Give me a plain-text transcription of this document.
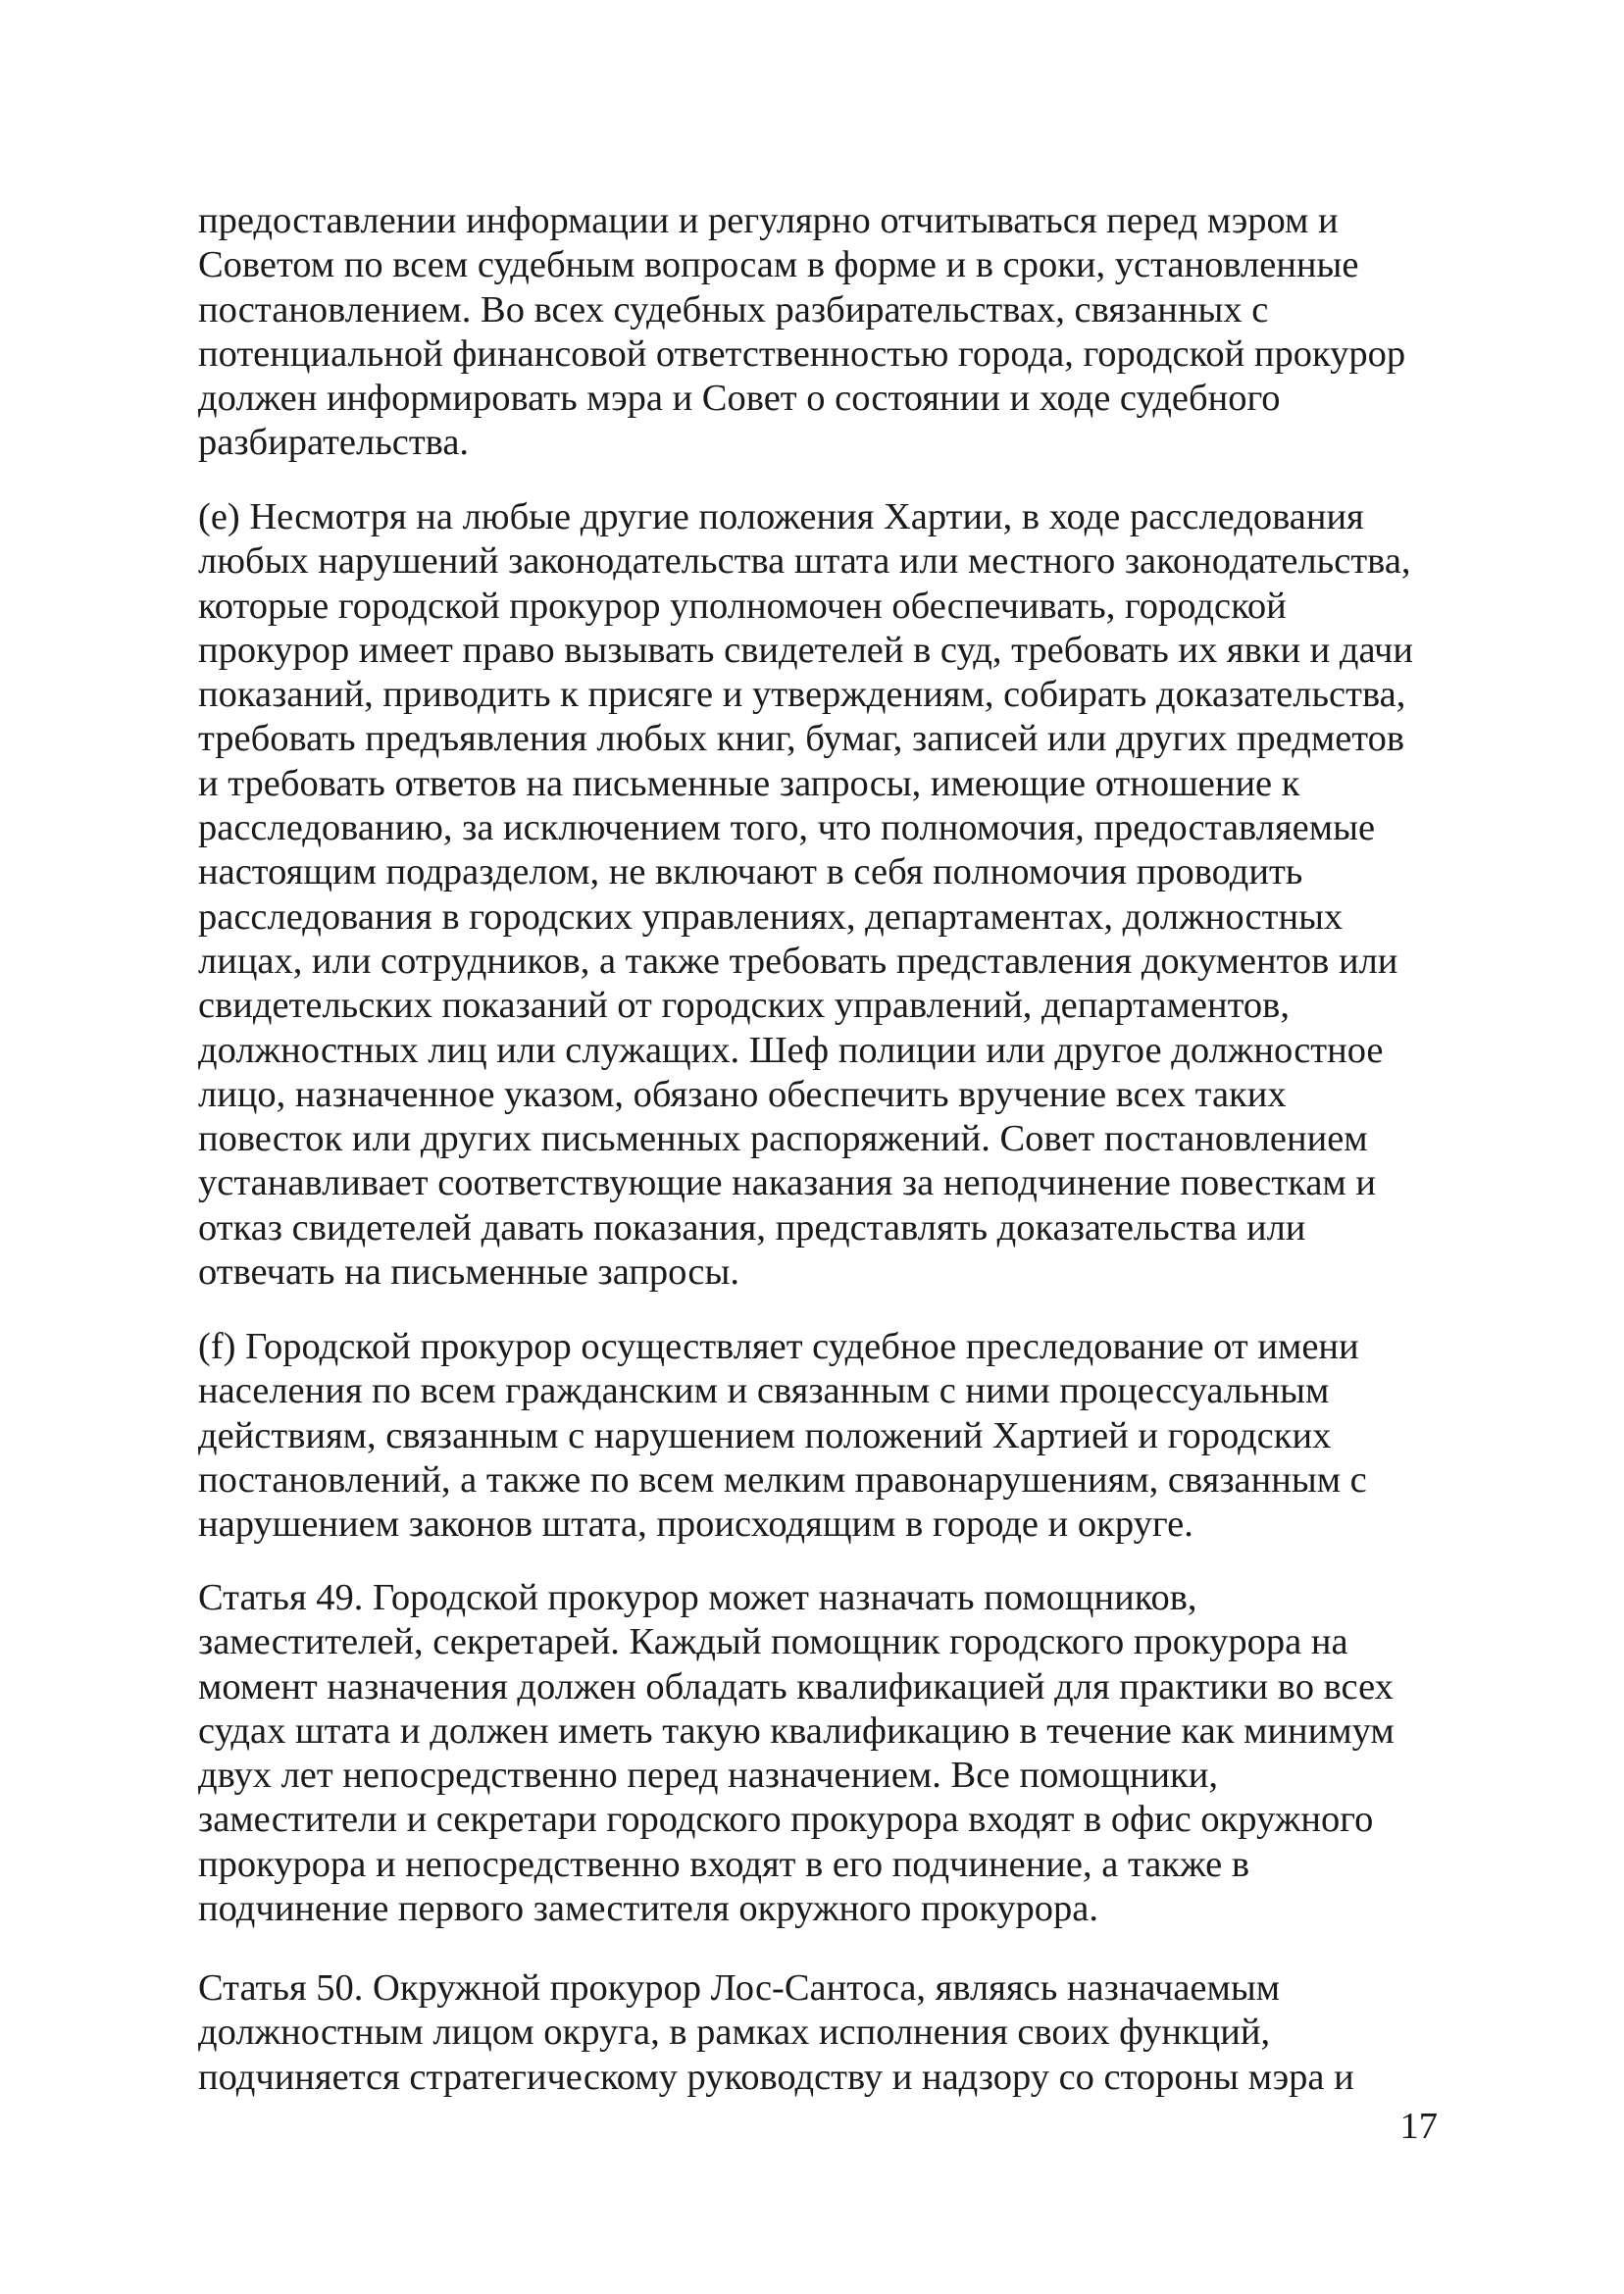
предоставлении информации и регулярно отчитываться перед мэром и
Советом по всем судебным вопросам в форме и в сроки, установленные
постановлением. Во всех судебных разбирательствах, связанных с
потенциальной финансовой ответственностью города, городской прокурор
должен информировать мэра и Совет о состоянии и ходе судебного
разбирательства.

(e) Несмотря на любые другие положения Хартии, в ходе расследования
любых нарушений законодательства штата или местного законодательства,
которые городской прокурор уполномочен обеспечивать, городской
прокурор имеет право вызывать свидетелей в суд, требовать их явки и дачи
показаний, приводить к присяге и утверждениям, собирать доказательства,
требовать предъявления любых книг, бумаг, записей или других предметов
и требовать ответов на письменные запросы, имеющие отношение к
расследованию, за исключением того, что полномочия, предоставляемые
настоящим подразделом, не включают в себя полномочия проводить
расследования в городских управлениях, департаментах, должностных
лицах, или сотрудников, а также требовать представления документов или
свидетельских показаний от городских управлений, департаментов,
должностных лиц или служащих. Шеф полиции или другое должностное
лицо, назначенное указом, обязано обеспечить вручение всех таких
повесток или других письменных распоряжений. Совет постановлением
устанавливает соответствующие наказания за неподчинение повесткам и
отказ свидетелей давать показания, представлять доказательства или
отвечать на письменные запросы.

(f) Городской прокурор осуществляет судебное преследование от имени
населения по всем гражданским и связанным с ними процессуальным
действиям, связанным с нарушением положений Хартией и городских
постановлений, а также по всем мелким правонарушениям, связанным с
нарушением законов штата, происходящим в городе и округе.

Статья 49. Городской прокурор может назначать помощников,
заместителей, секретарей. Каждый помощник городского прокурора на
момент назначения должен обладать квалификацией для практики во всех
судах штата и должен иметь такую квалификацию в течение как минимум
двух лет непосредственно перед назначением. Все помощники,
заместители и секретари городского прокурора входят в офис окружного
прокурора и непосредственно входят в его подчинение, а также в
подчинение первого заместителя окружного прокурора.

Статья 50. Окружной прокурор Лос-Сантоса, являясь назначаемым
должностным лицом округа, в рамках исполнения своих функций,
подчиняется стратегическому руководству и надзору со стороны мэра и

17
